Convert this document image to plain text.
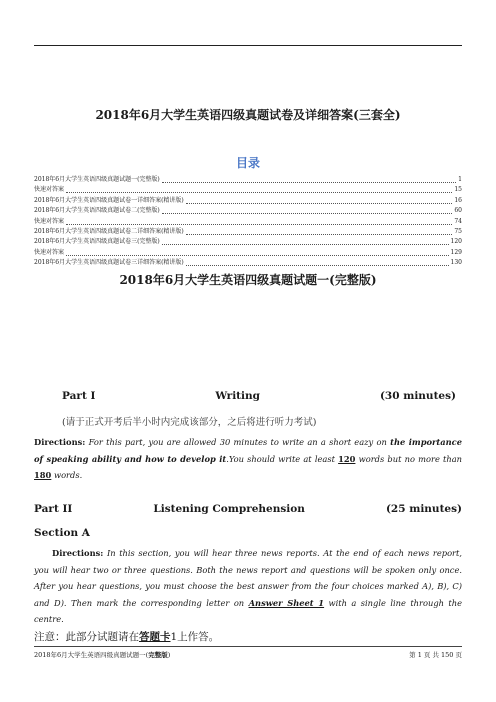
2018年6月大学生英语四级真题试卷及详细答案(三套全)
目录
2018年6月大学生英语四级真题试题一(完整版)	1
快速对答案	15
2018年6月大学生英语四级真题试卷一详细答案(精讲版)	16
2018年6月大学生英语四级真题试卷二(完整版)	60
快速对答案	74
2018年6月大学生英语四级真题试卷二详细答案(精讲版)	75
2018年6月大学生英语四级真题试卷三(完整版)	120
快速对答案	129
2018年6月大学生英语四级真题试卷三详细答案(精讲版)	130
2018年6月大学生英语四级真题试题一(完整版)
Part I	Writing	(30 minutes)
(请于正式开考后半小时内完成该部分，之后将进行听力考试)
Directions: For this part, you are allowed 30 minutes to write an a short eazy on the importance of speaking ability and how to develop it.You should write at least 120 words but no more than 180 words.
Part II	Listening Comprehension	(25 minutes)
Section A
Directions: In this section, you will hear three news reports. At the end of each news report, you will hear two or three questions. Both the news report and questions will be spoken only once. After you hear questions, you must choose the best answer from the four choices marked A), B), C) and D). Then mark the corresponding letter on Answer Sheet 1 with a single line through the centre.
注意：此部分试题请在答题卡1上作答。
2018年6月大学生英语四级真题试题一(完整版)	第 1 页 共 150 页
